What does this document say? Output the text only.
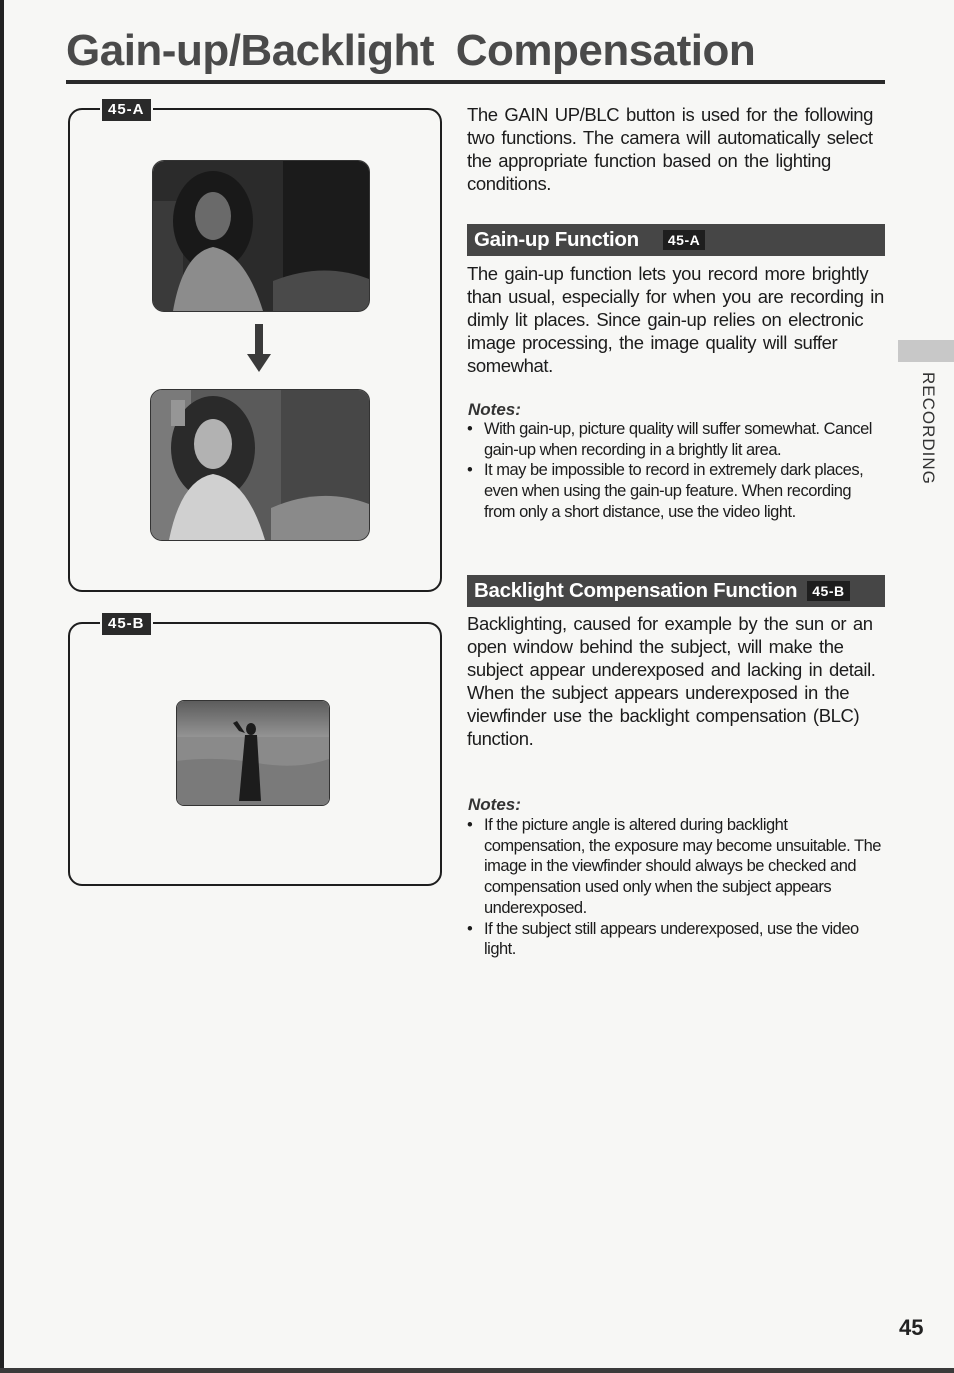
Gain-up/Backlight Compensation
45-A
45-B

The GAIN UP/BLC button is used for the following two functions. The camera will automatically select the appropriate function based on the lighting conditions.

Gain-up Function	45-A

The gain-up function lets you record more brightly than usual, especially for when you are recording in dimly lit places. Since gain-up relies on electronic image processing, the image quality will suffer somewhat.

Notes:

• With gain-up, picture quality will suffer somewhat. Cancel gain-up when recording in a brightly lit area.
• It may be impossible to record in extremely dark places, even when using the gain-up feature. When recording from only a short distance, use the video light.
Backlight Compensation Function	45-B

Backlighting, caused for example by the sun or an open window behind the subject, will make the subject appear underexposed and lacking in detail.
When the subject appears underexposed in the viewfinder use the backlight compensation (BLC) function.

Notes:

• If the picture angle is altered during backlight compensation, the exposure may become unsuitable. The image in the viewfinder should always be checked and compensation used only when the subject appears underexposed.
• If the subject still appears underexposed, use the video light.
RECORDING
45
